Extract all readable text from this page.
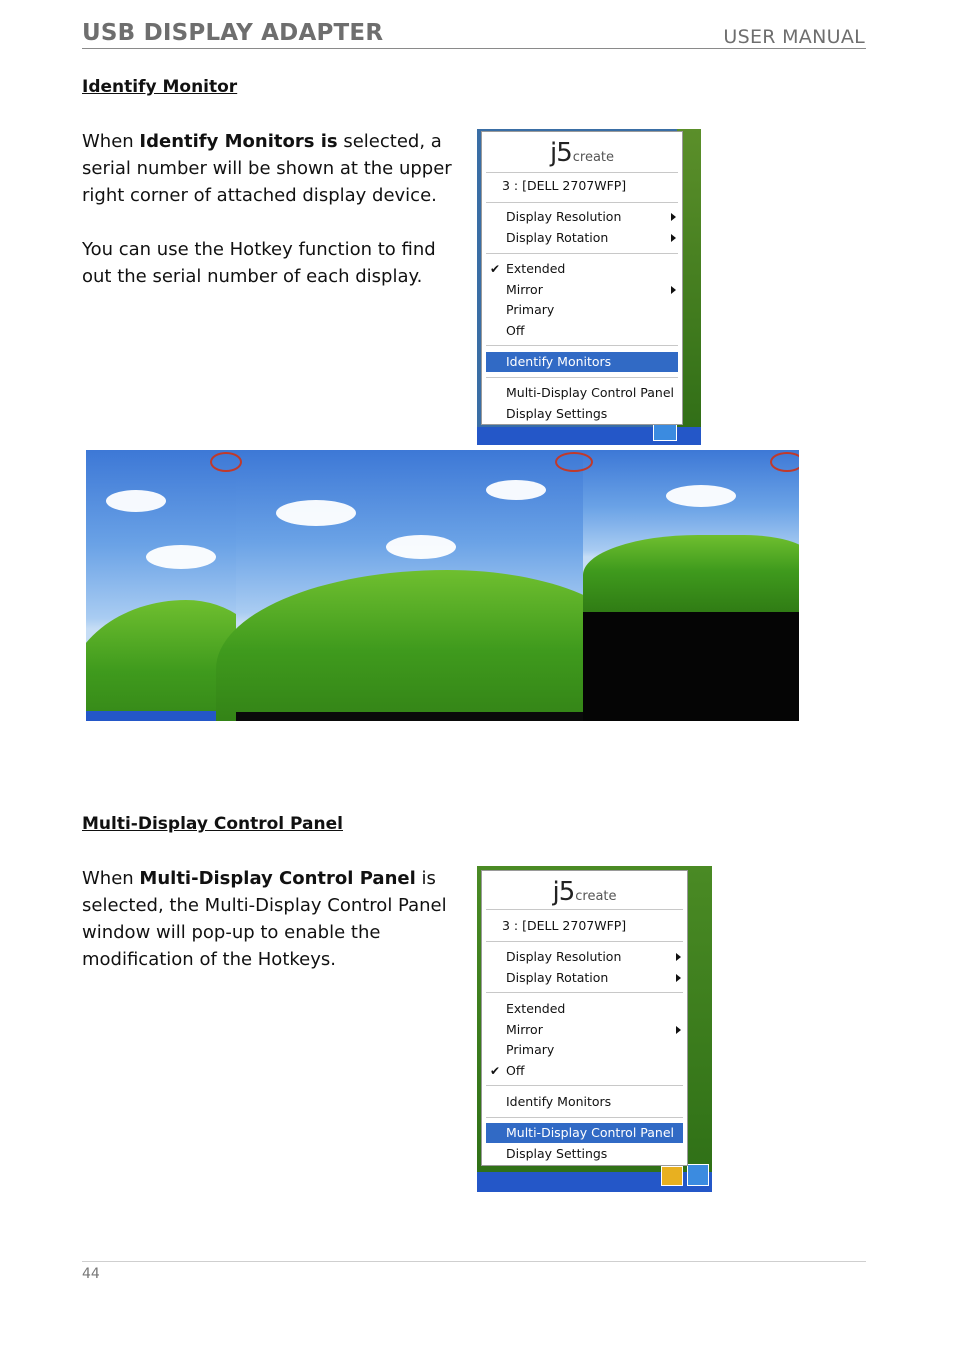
USB DISPLAY ADAPTER	USER MANUAL
Identify Monitor

When Identify Monitors is selected, a serial number will be shown at the upper right corner of attached display device.

You can use the Hotkey function to find out the serial number of each display.

j5create
3 : [DELL 2707WFP]
Display Resolution
Display Rotation
✔ Extended
Mirror
Primary
Off
Identify Monitors
Multi-Display Control Panel
Display Settings
Multi-Display Control Panel

When Multi-Display Control Panel is selected, the Multi-Display Control Panel window will pop-up to enable the modification of the Hotkeys.

j5create
3 : [DELL 2707WFP]
Display Resolution
Display Rotation
Extended
Mirror
Primary
✔ Off
Identify Monitors
Multi-Display Control Panel
Display Settings
44
